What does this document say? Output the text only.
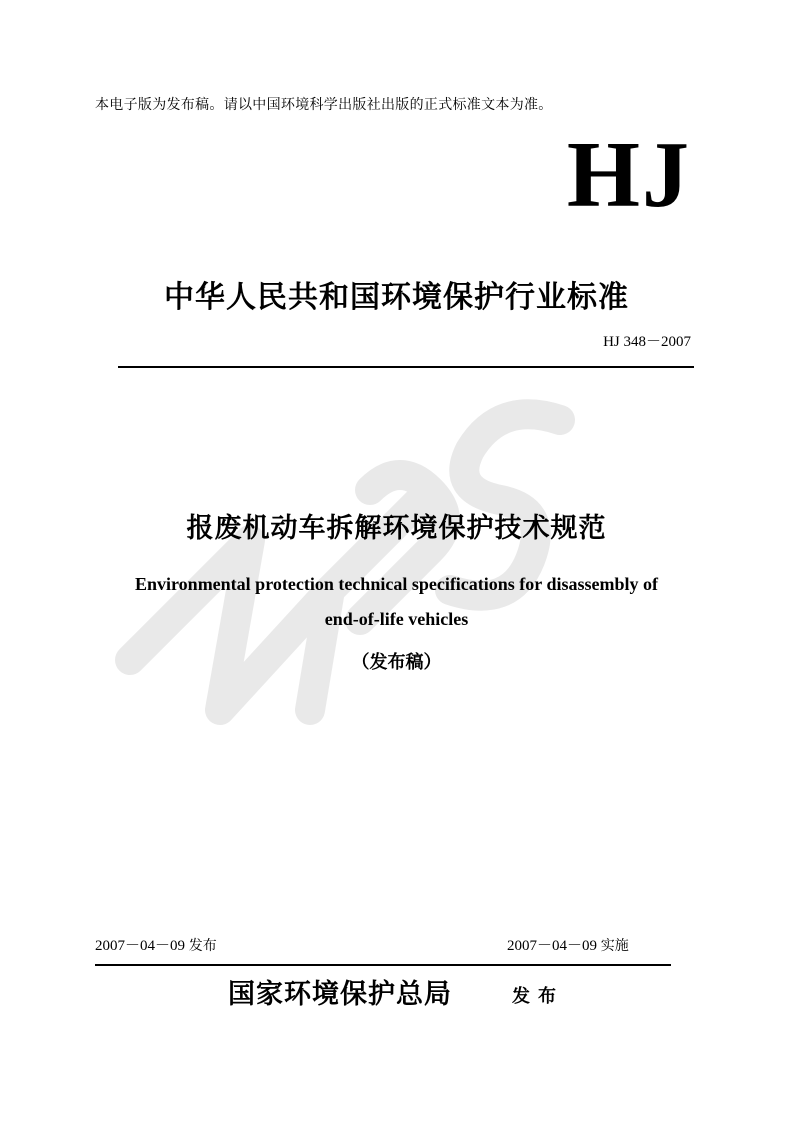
本电子版为发布稿。请以中国环境科学出版社出版的正式标准文本为准。
HJ
中华人民共和国环境保护行业标准
HJ 348－2007
报废机动车拆解环境保护技术规范
Environmental protection technical specifications for disassembly of
end-of-life vehicles
（发布稿）
2007－04－09 发布	2007－04－09 实施
国家环境保护总局	发布
